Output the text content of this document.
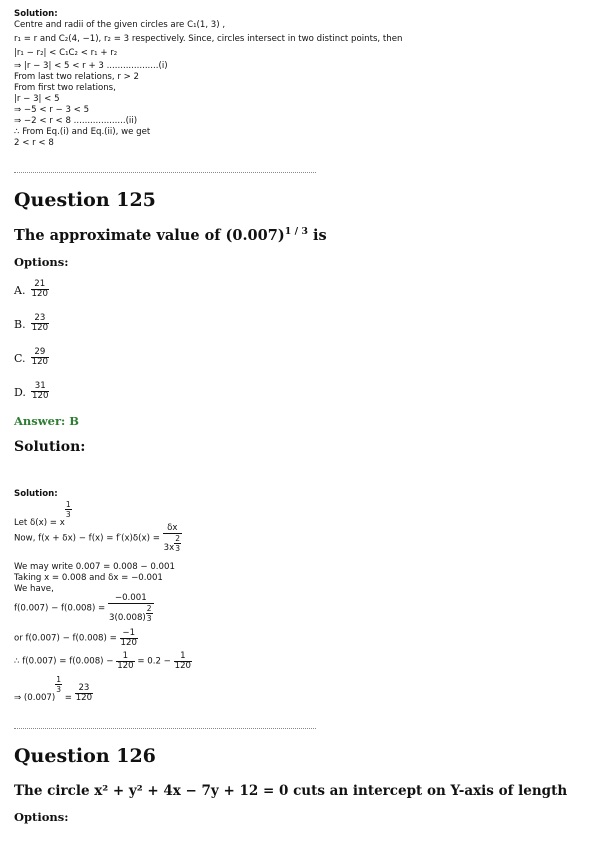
Solution:
Centre and radii of the given circles are C₁(1, 3) ,
r₁ = r and C₂(4, −1), r₂ = 3 respectively. Since, circles intersect in two distinct points, then
|r₁ − r₂| < C₁C₂ < r₁ + r₂
⇒ |r − 3| < 5 < r + 3 ...................(i)
From last two relations, r > 2
From first two relations,
|r − 3| < 5
⇒ −5 < r − 3 < 5
⇒ −2 < r < 8 ...................(ii)
∴ From Eq.(i) and Eq.(ii), we get
2 < r < 8
Question 125
The approximate value of $(0.007)^{1 / 3}$ is
Options:
A. $\frac{21}{120}$
B. $\frac{23}{120}$
C. $\frac{29}{120}$
D. $\frac{31}{120}$
Answer: B
Solution:
Solution:
Let δ(x) = x
$\frac{1}{3}$
Now, $f(x + \delta x) - f(x) = f'(x)\delta(x) = \frac{\delta x}{3x \frac{2}{3}}$
We may write 0.007 = 0.008 − 0.001
Taking x = 0.008 and δx = −0.001
We have,
$f(0.007) - f(0.008) = \frac{-0.001}{3(0.008) \frac{2}{3}}$
or $f(0.007) - f(0.008) = \frac{-1}{120}$
∴ $f(0.007) = f(0.008) - \frac{1}{120} = 0.2 - \frac{1}{120}$
⇒ (0.007)
$\frac{1}{3}$
= $\frac{23}{120}$
Question 126
The circle x² + y² + 4x − 7y + 12 = 0 cuts an intercept on Y-axis of length
Options:
